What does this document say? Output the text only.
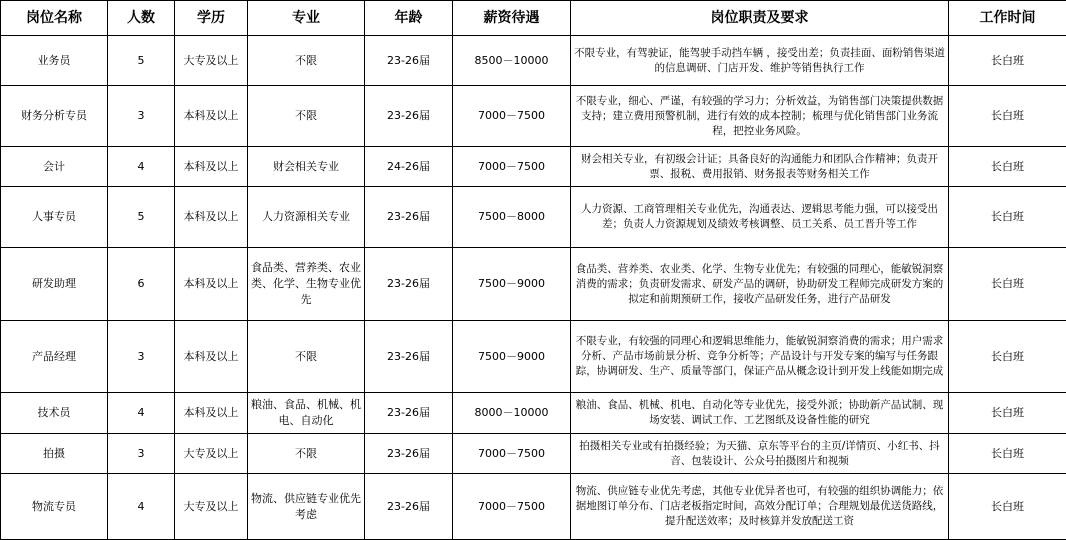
岗位名称	人数	学历	专业	年龄	薪资待遇	岗位职责及要求	工作时间
业务员	5	大专及以上	不限	23-26届	8500－10000	不限专业，有驾驶证，能驾驶手动挡车辆 ，接受出差；负责挂面、面粉销售渠道的信息调研、门店开发、维护等销售执行工作	长白班
财务分析专员	3	本科及以上	不限	23-26届	7000－7500	不限专业，细心、严谨，有较强的学习力；分析效益，为销售部门决策提供数据支持；建立费用预警机制，进行有效的成本控制；梳理与优化销售部门业务流程，把控业务风险。	长白班
会计	4	本科及以上	财会相关专业	24-26届	7000－7500	财会相关专业，有初级会计证；具备良好的沟通能力和团队合作精神；负责开票、报税、费用报销、财务报表等财务相关工作	长白班
人事专员	5	本科及以上	人力资源相关专业	23-26届	7500－8000	人力资源、工商管理相关专业优先，沟通表达、逻辑思考能力强，可以接受出差；负责人力资源规划及绩效考核调整、员工关系、员工晋升等工作	长白班
研发助理	6	本科及以上	食品类、营养类、农业类、化学、生物专业优先	23-26届	7500－9000	食品类、营养类、农业类、化学、生物专业优先；有较强的同理心，能敏锐洞察消费的需求；负责研发需求、研发产品的调研，协助研发工程师完成研发方案的拟定和前期预研工作，接收产品研发任务，进行产品研发	长白班
产品经理	3	本科及以上	不限	23-26届	7500－9000	不限专业，有较强的同理心和逻辑思维能力，能敏锐洞察消费的需求；用户需求分析、产品市场前景分析、竞争分析等；产品设计与开发专案的编写与任务跟踪，协调研发、生产、质量等部门，保证产品从概念设计到开发上线能如期完成	长白班
技术员	4	本科及以上	粮油、食品、机械、机电、自动化	23-26届	8000－10000	粮油、食品、机械、机电、自动化等专业优先，接受外派；协助新产品试制、现场安装、调试工作、工艺图纸及设备性能的研究	长白班
拍摄	3	大专及以上	不限	23-26届	7000－7500	拍摄相关专业或有拍摄经验；为天猫、京东等平台的主页/详情页、小红书、抖音、包装设计、公众号拍摄图片和视频	长白班
物流专员	4	大专及以上	物流、供应链专业优先考虑	23-26届	7000－7500	物流、供应链专业优先考虑，其他专业优异者也可，有较强的组织协调能力；依据地图订单分布、门店老板指定时间，高效分配订单；合理规划最优送货路线，提升配送效率；及时核算并发放配送工资	长白班
